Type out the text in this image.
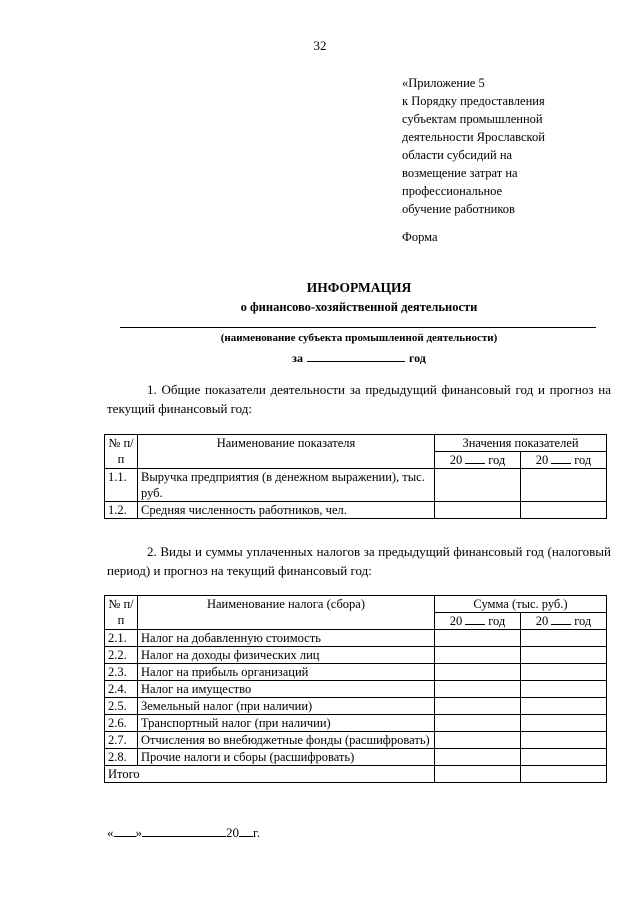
32
«Приложение 5
к Порядку предоставления
субъектам промышленной
деятельности Ярославской
области субсидий на
возмещение затрат на
профессиональное
обучение работников
Форма
ИНФОРМАЦИЯ
о финансово-хозяйственной деятельности
(наименование субъекта промышленной деятельности)
за	год
1. Общие показатели деятельности за предыдущий финансовый год и прогноз на текущий финансовый год:
№ п/п	Наименование показателя	Значения показателей	
		20 год	20 год
1.1.	Выручка предприятия (в денежном выражении), тыс. руб.		
1.2.	Средняя численность работников, чел.		
2. Виды и суммы уплаченных налогов за предыдущий финансовый год (налоговый период) и прогноз на текущий финансовый год:
№ п/п	Наименование налога (сбора)	Сумма (тыс. руб.)	
		20 год	20 год
2.1.	Налог на добавленную стоимость		
2.2.	Налог на доходы физических лиц		
2.3.	Налог на прибыль организаций		
2.4.	Налог на имущество		
2.5.	Земельный налог (при наличии)		
2.6.	Транспортный налог (при наличии)		
2.7.	Отчисления во внебюджетные фонды (расшифровать)		
2.8.	Прочие налоги и сборы (расшифровать)		
Итого			
« »	20 г.
